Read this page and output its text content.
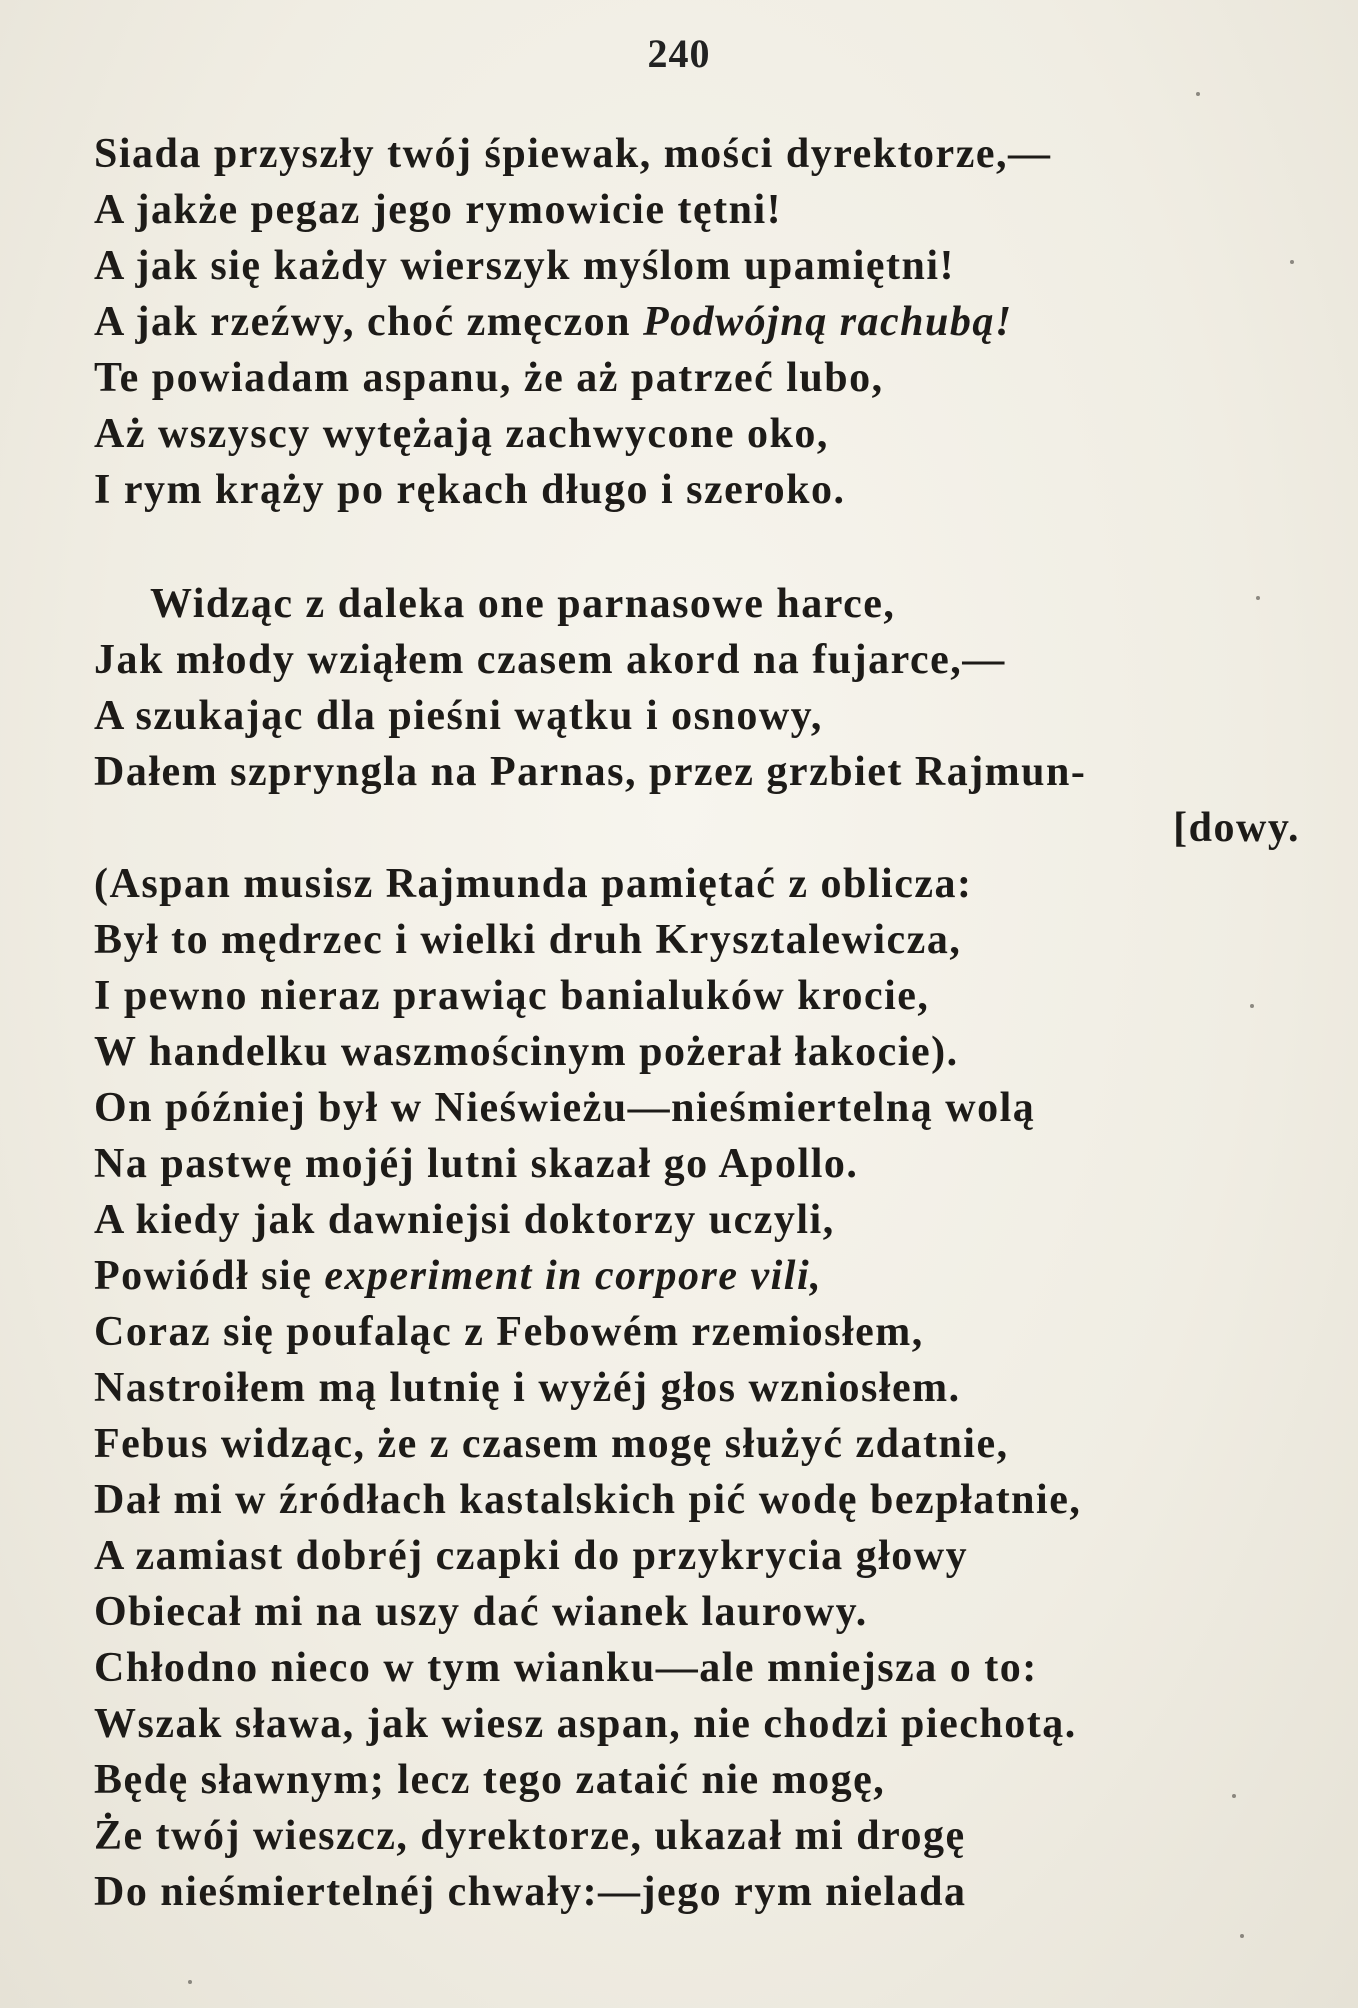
240
Siada przyszły twój śpiewak, mości dyrektorze,—
A jakże pegaz jego rymowicie tętni!
A jak się każdy wierszyk myślom upamiętni!
A jak rzeźwy, choć zmęczon Podwójną rachubą!
Te powiadam aspanu, że aż patrzeć lubo,
Aż wszyscy wytężają zachwycone oko,
I rym krąży po rękach długo i szeroko.
Widząc z daleka one parnasowe harce,
Jak młody wziąłem czasem akord na fujarce,—
A szukając dla pieśni wątku i osnowy,
Dałem szpryngla na Parnas, przez grzbiet Rajmun-
[dowy.
(Aspan musisz Rajmunda pamiętać z oblicza:
Był to mędrzec i wielki druh Krysztalewicza,
I pewno nieraz prawiąc banialuków krocie,
W handelku waszmościnym pożerał łakocie).
On później był w Nieświeżu—nieśmiertelną wolą
Na pastwę mojéj lutni skazał go Apollo.
A kiedy jak dawniejsi doktorzy uczyli,
Powiódł się experiment in corpore vili,
Coraz się poufaląc z Febowém rzemiosłem,
Nastroiłem mą lutnię i wyżéj głos wzniosłem.
Febus widząc, że z czasem mogę służyć zdatnie,
Dał mi w źródłach kastalskich pić wodę bezpłatnie,
A zamiast dobréj czapki do przykrycia głowy
Obiecał mi na uszy dać wianek laurowy.
Chłodno nieco w tym wianku—ale mniejsza o to:
Wszak sława, jak wiesz aspan, nie chodzi piechotą.
Będę sławnym; lecz tego zataić nie mogę,
Że twój wieszcz, dyrektorze, ukazał mi drogę
Do nieśmiertelnéj chwały:—jego rym nielada
